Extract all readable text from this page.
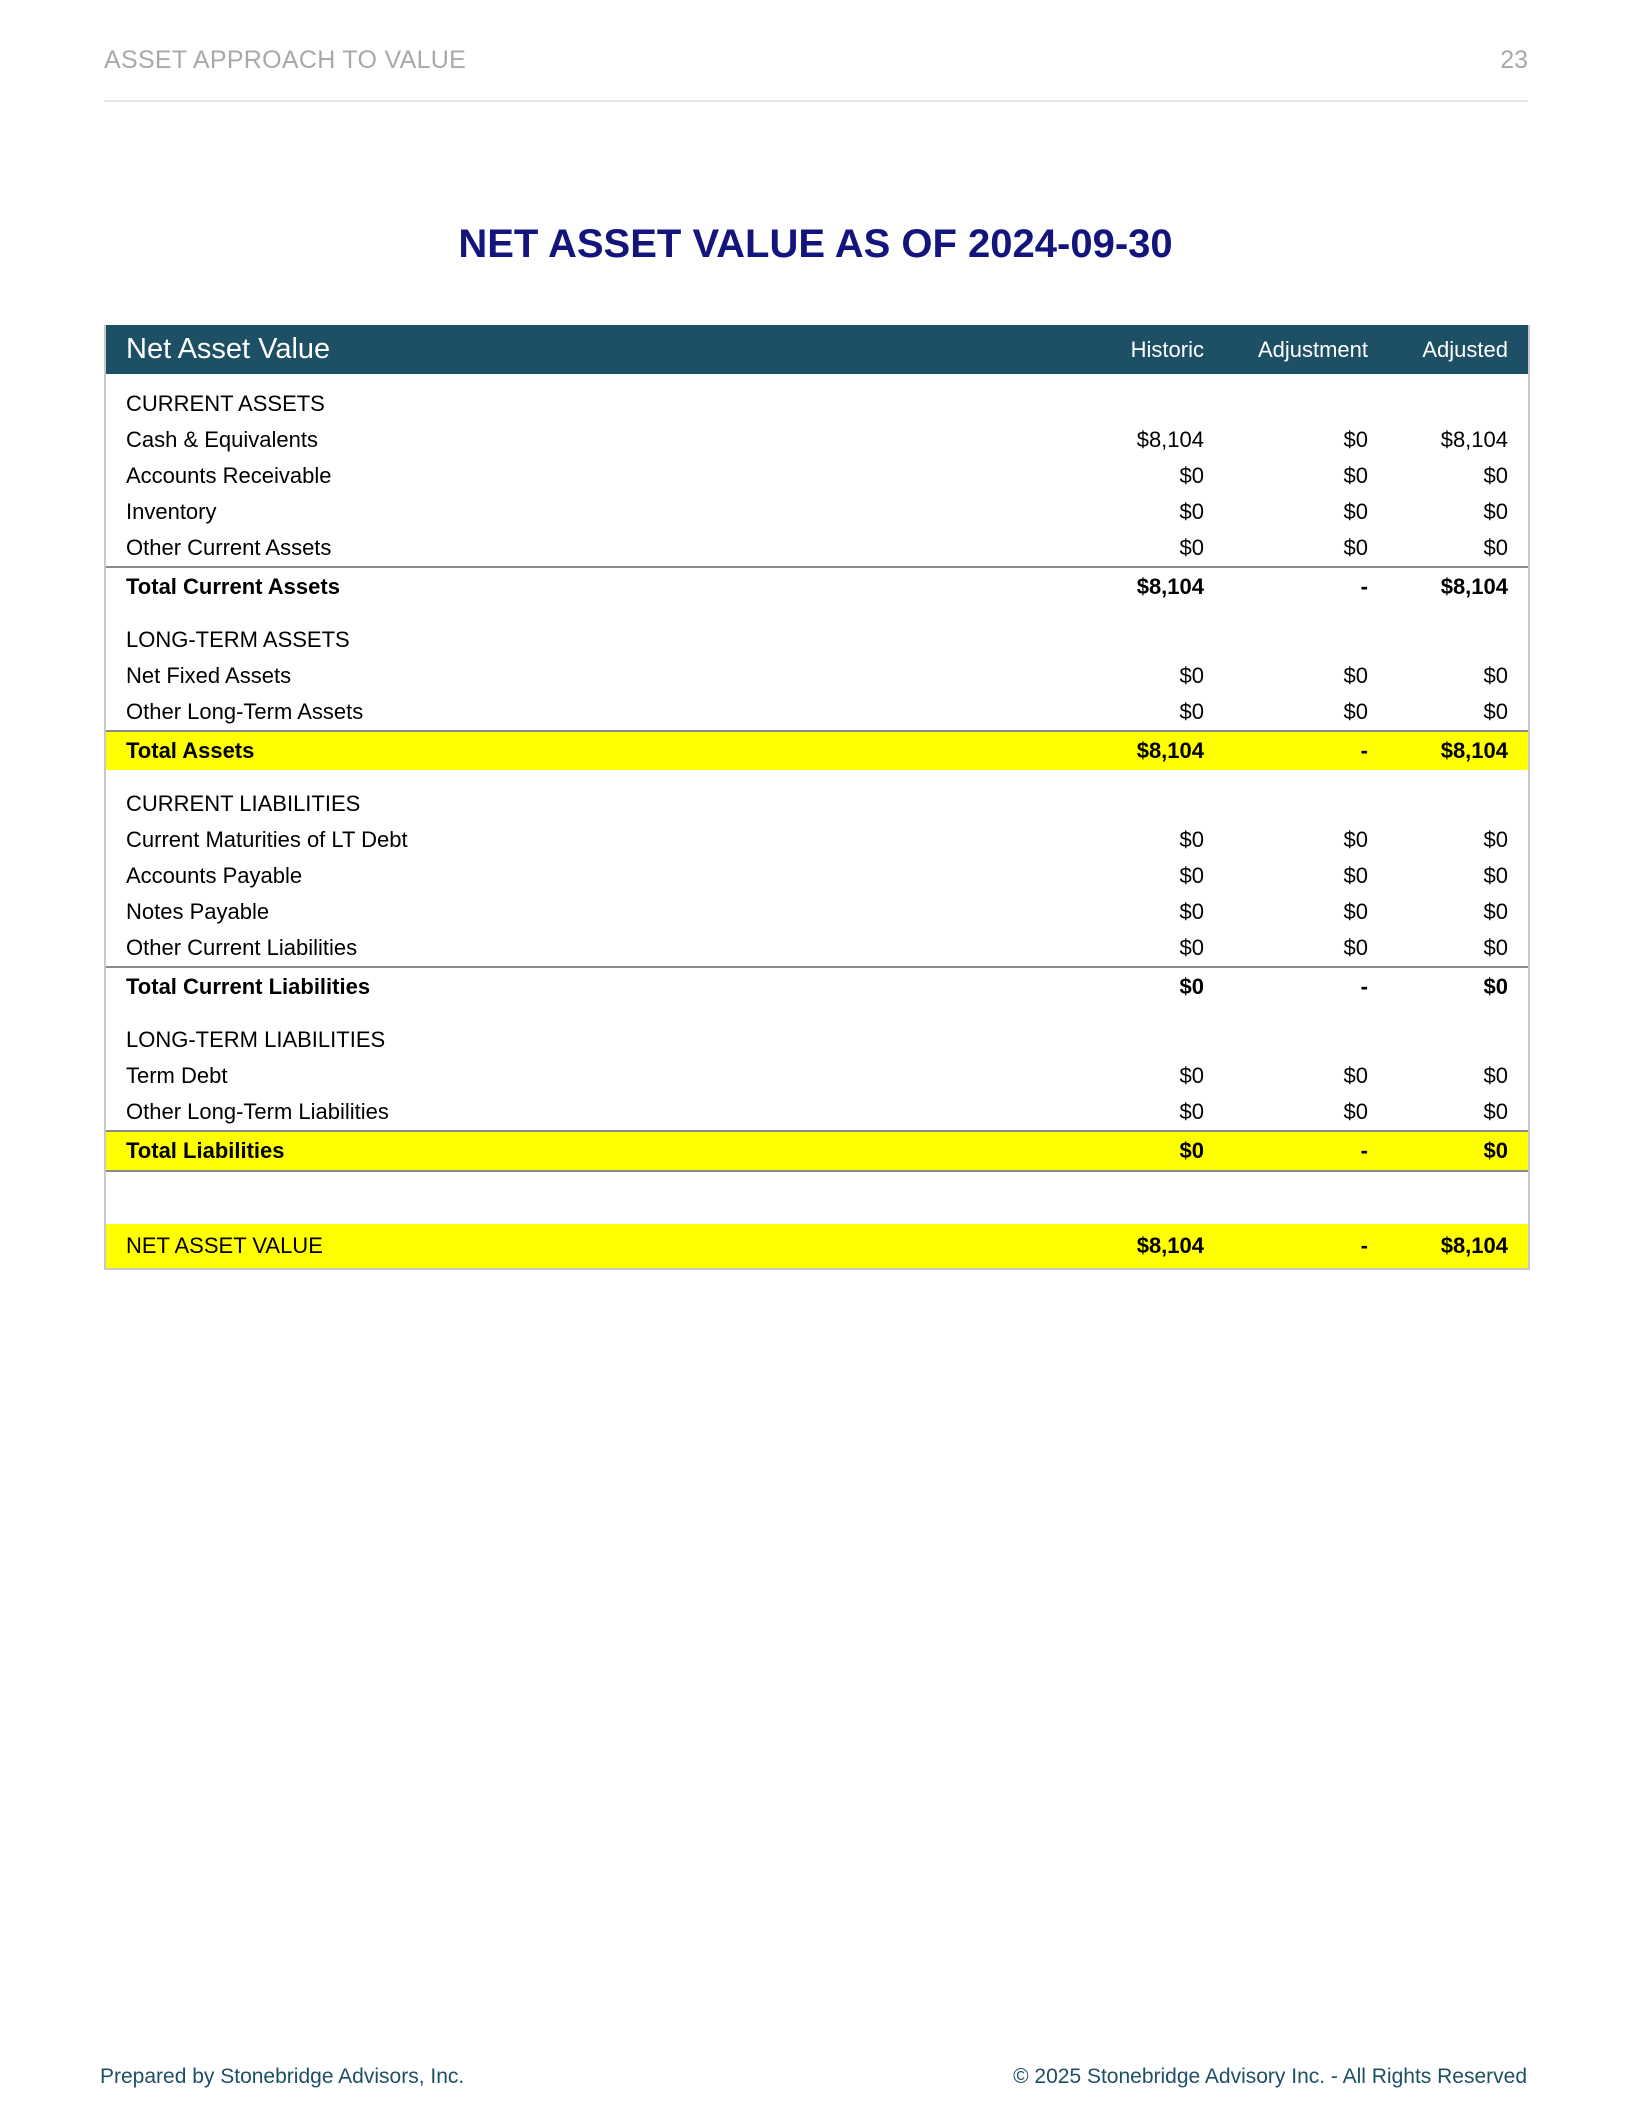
ASSET APPROACH TO VALUE	23
NET ASSET VALUE AS OF 2024-09-30
Net Asset Value	Historic	Adjustment	Adjusted
CURRENT ASSETS
Cash & Equivalents	$8,104	$0	$8,104
Accounts Receivable	$0	$0	$0
Inventory	$0	$0	$0
Other Current Assets	$0	$0	$0
Total Current Assets	$8,104	-	$8,104
LONG-TERM ASSETS
Net Fixed Assets	$0	$0	$0
Other Long-Term Assets	$0	$0	$0
Total Assets	$8,104	-	$8,104
CURRENT LIABILITIES
Current Maturities of LT Debt	$0	$0	$0
Accounts Payable	$0	$0	$0
Notes Payable	$0	$0	$0
Other Current Liabilities	$0	$0	$0
Total Current Liabilities	$0	-	$0
LONG-TERM LIABILITIES
Term Debt	$0	$0	$0
Other Long-Term Liabilities	$0	$0	$0
Total Liabilities	$0	-	$0
NET ASSET VALUE	$8,104	-	$8,104
Prepared by Stonebridge Advisors, Inc.	© 2025 Stonebridge Advisory Inc. - All Rights Reserved
